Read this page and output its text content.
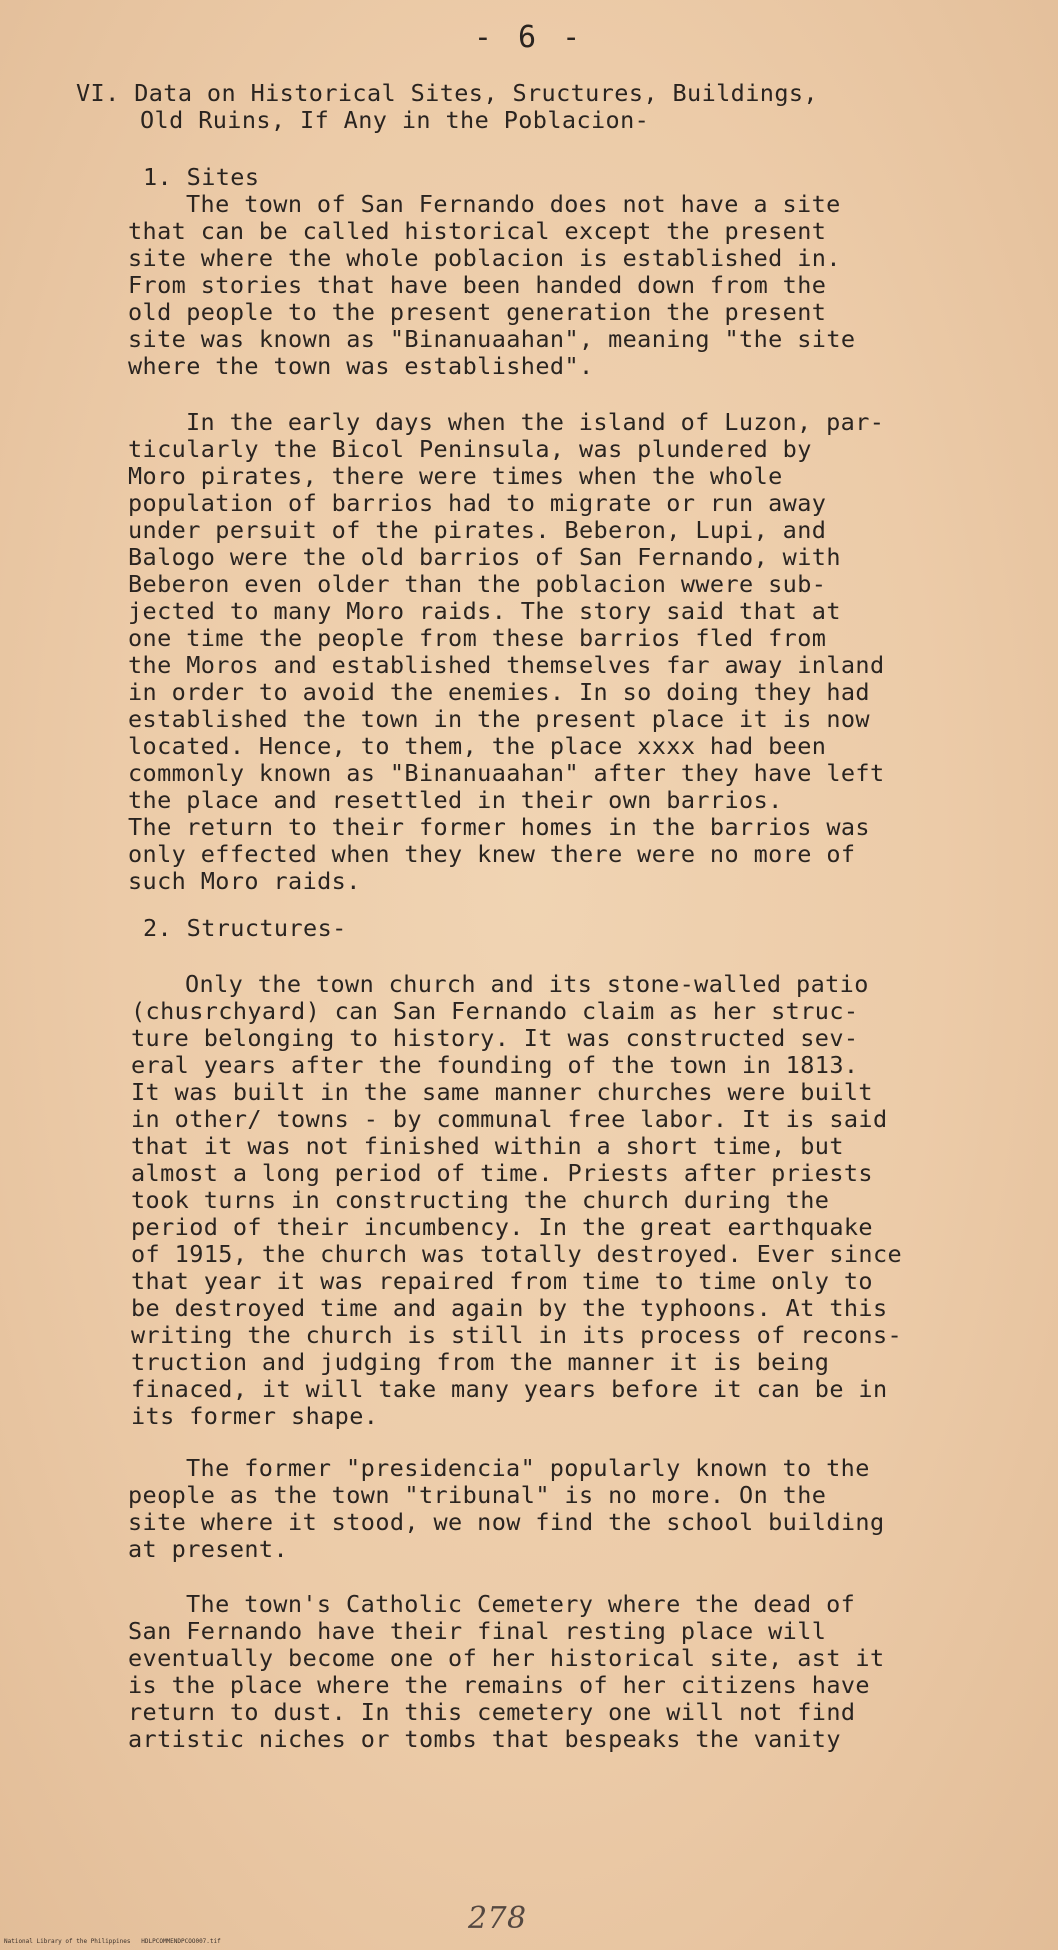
- 6 -
VI. Data on Historical Sites, Sructures, Buildings,
Old Ruins, If Any in the Poblacion-
1. Sites
The town of San Fernando does not have a site
that can be called historical except the present
site where the whole poblacion is established in.
From stories that have been handed down from the
old people to the present generation the present
site was known as "Binanuaahan", meaning "the site
where the town was established".
In the early days when the island of Luzon, par-
ticularly the Bicol Peninsula, was plundered by
Moro pirates, there were times when the whole
population of barrios had to migrate or run away
under persuit of the pirates. Beberon, Lupi, and
Balogo were the old barrios of San Fernando, with
Beberon even older than the poblacion wwere sub-
jected to many Moro raids. The story said that at
one time the people from these barrios fled from
the Moros and established themselves far away inland
in order to avoid the enemies. In so doing they had
established the town in the present place it is now
located. Hence, to them, the place xxxx had been
commonly known as "Binanuaahan" after they have left
the place and resettled in their own barrios.
The return to their former homes in the barrios was
only effected when they knew there were no more of
such Moro raids.
2. Structures-
Only the town church and its stone-walled patio
(chusrchyard) can San Fernando claim as her struc-
ture belonging to history. It was constructed sev-
eral years after the founding of the town in 1813.
It was built in the same manner churches were built
in other/ towns - by communal free labor. It is said
that it was not finished within a short time, but
almost a long period of time. Priests after priests
took turns in constructing the church during the
period of their incumbency. In the great earthquake
of 1915, the church was totally destroyed. Ever since
that year it was repaired from time to time only to
be destroyed time and again by the typhoons. At this
writing the church is still in its process of recons-
truction and judging from the manner it is being
finaced, it will take many years before it can be in
its former shape.
The former "presidencia" popularly known to the
people as the town "tribunal" is no more. On the
site where it stood, we now find the school building
at present.
The town's Catholic Cemetery where the dead of
San Fernando have their final resting place will
eventually become one of her historical site, ast it
is the place where the remains of her citizens have
return to dust. In this cemetery one will not find
artistic niches or tombs that bespeaks the vanity
National Library of the Philippines   HDLPCOMMENDPCOO007.tif
278
